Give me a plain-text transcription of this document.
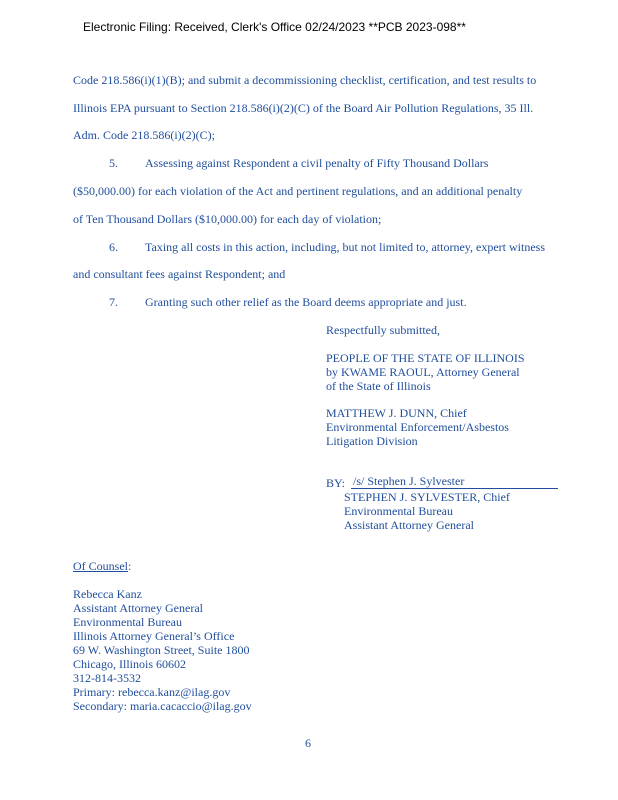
Electronic Filing: Received, Clerk's Office 02/24/2023 **PCB 2023-098**
Code 218.586(i)(1)(B); and submit a decommissioning checklist, certification, and test results to
Illinois EPA pursuant to Section 218.586(i)(2)(C) of the Board Air Pollution Regulations, 35 Ill.
Adm. Code 218.586(i)(2)(C);
5. Assessing against Respondent a civil penalty of Fifty Thousand Dollars
($50,000.00) for each violation of the Act and pertinent regulations, and an additional penalty
of Ten Thousand Dollars ($10,000.00) for each day of violation;
6. Taxing all costs in this action, including, but not limited to, attorney, expert witness
and consultant fees against Respondent; and
7. Granting such other relief as the Board deems appropriate and just.
Respectfully submitted,
PEOPLE OF THE STATE OF ILLINOIS
by KWAME RAOUL, Attorney General
of the State of Illinois
MATTHEW J. DUNN, Chief
Environmental Enforcement/Asbestos
Litigation Division
BY: /s/ Stephen J. Sylvester
STEPHEN J. SYLVESTER, Chief
Environmental Bureau
Assistant Attorney General
Of Counsel:
Rebecca Kanz
Assistant Attorney General
Environmental Bureau
Illinois Attorney General’s Office
69 W. Washington Street, Suite 1800
Chicago, Illinois 60602
312-814-3532
Primary: rebecca.kanz@ilag.gov
Secondary: maria.cacaccio@ilag.gov
6
